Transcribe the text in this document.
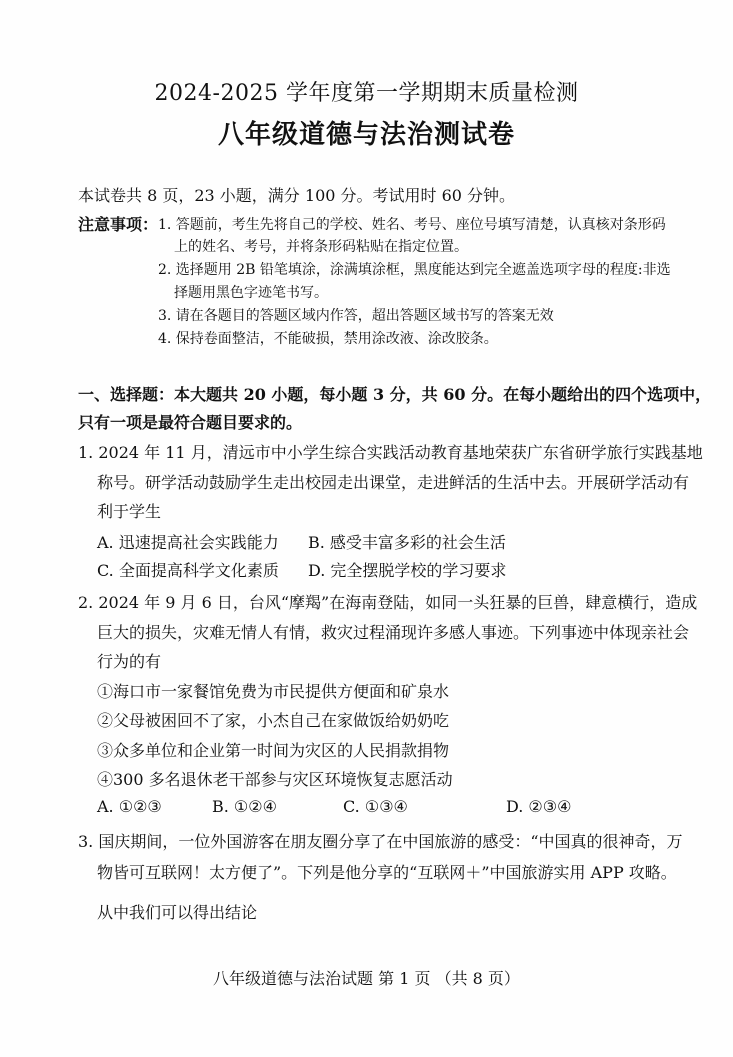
2024-2025 学年度第一学期期末质量检测
八年级道德与法治测试卷
本试卷共 8 页，23 小题，满分 100 分。考试用时 60 分钟。
注意事项： 1. 答题前，考生先将自己的学校、姓名、考号、座位号填写清楚，认真核对条形码
上的姓名、考号，并将条形码粘贴在指定位置。
2. 选择题用 2B 铅笔填涂，涂满填涂框，黑度能达到完全遮盖选项字母的程度:非选
择题用黑色字迹笔书写。
3. 请在各题目的答题区域内作答，超出答题区域书写的答案无效
4. 保持卷面整洁，不能破损，禁用涂改液、涂改胶条。
一、选择题：本大题共 20 小题，每小题 3 分，共 60 分。在每小题给出的四个选项中，
只有一项是最符合题目要求的。
1. 2024 年 11 月，清远市中小学生综合实践活动教育基地荣获广东省研学旅行实践基地
称号。研学活动鼓励学生走出校园走出课堂，走进鲜活的生活中去。开展研学活动有
利于学生
A. 迅速提高社会实践能力 B. 感受丰富多彩的社会生活
C. 全面提高科学文化素质 D. 完全摆脱学校的学习要求
2. 2024 年 9 月 6 日，台风“摩羯”在海南登陆，如同一头狂暴的巨兽，肆意横行，造成
巨大的损失，灾难无情人有情，救灾过程涌现许多感人事迹。下列事迹中体现亲社会
行为的有
①海口市一家餐馆免费为市民提供方便面和矿泉水
②父母被困回不了家，小杰自己在家做饭给奶奶吃
③众多单位和企业第一时间为灾区的人民捐款捐物
④300 多名退休老干部参与灾区环境恢复志愿活动
A. ①②③	B. ①②④	C. ①③④	D. ②③④
3. 国庆期间，一位外国游客在朋友圈分享了在中国旅游的感受：“中国真的很神奇，万
物皆可互联网！太方便了”。下列是他分享的“互联网＋”中国旅游实用 APP 攻略。
从中我们可以得出结论
八年级道德与法治试题 第 1 页 （共 8 页）
